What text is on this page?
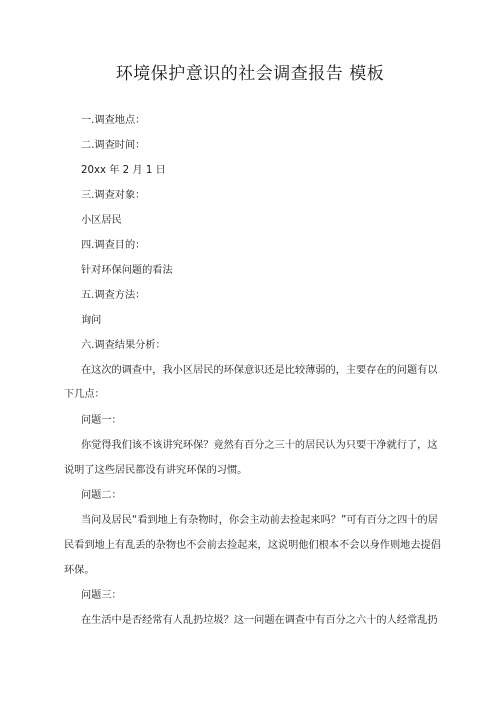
环境保护意识的社会调查报告 模板
一.调查地点：
二.调查时间：
20xx 年 2 月 1 日
三.调查对象：
小区居民
四.调查目的：
针对环保问题的看法
五.调查方法：
询问
六.调查结果分析：
在这次的调查中，我小区居民的环保意识还是比较薄弱的，主要存在的问题有以
下几点：
问题一：
你觉得我们该不该讲究环保？竟然有百分之三十的居民认为只要干净就行了，这
说明了这些居民都没有讲究环保的习惯。
问题二：
当问及居民“看到地上有杂物时，你会主动前去捡起来吗？”可有百分之四十的居
民看到地上有乱丢的杂物也不会前去捡起来，这说明他们根本不会以身作则地去提倡
环保。
问题三：
在生活中是否经常有人乱扔垃圾？这一问题在调查中有百分之六十的人经常乱扔
